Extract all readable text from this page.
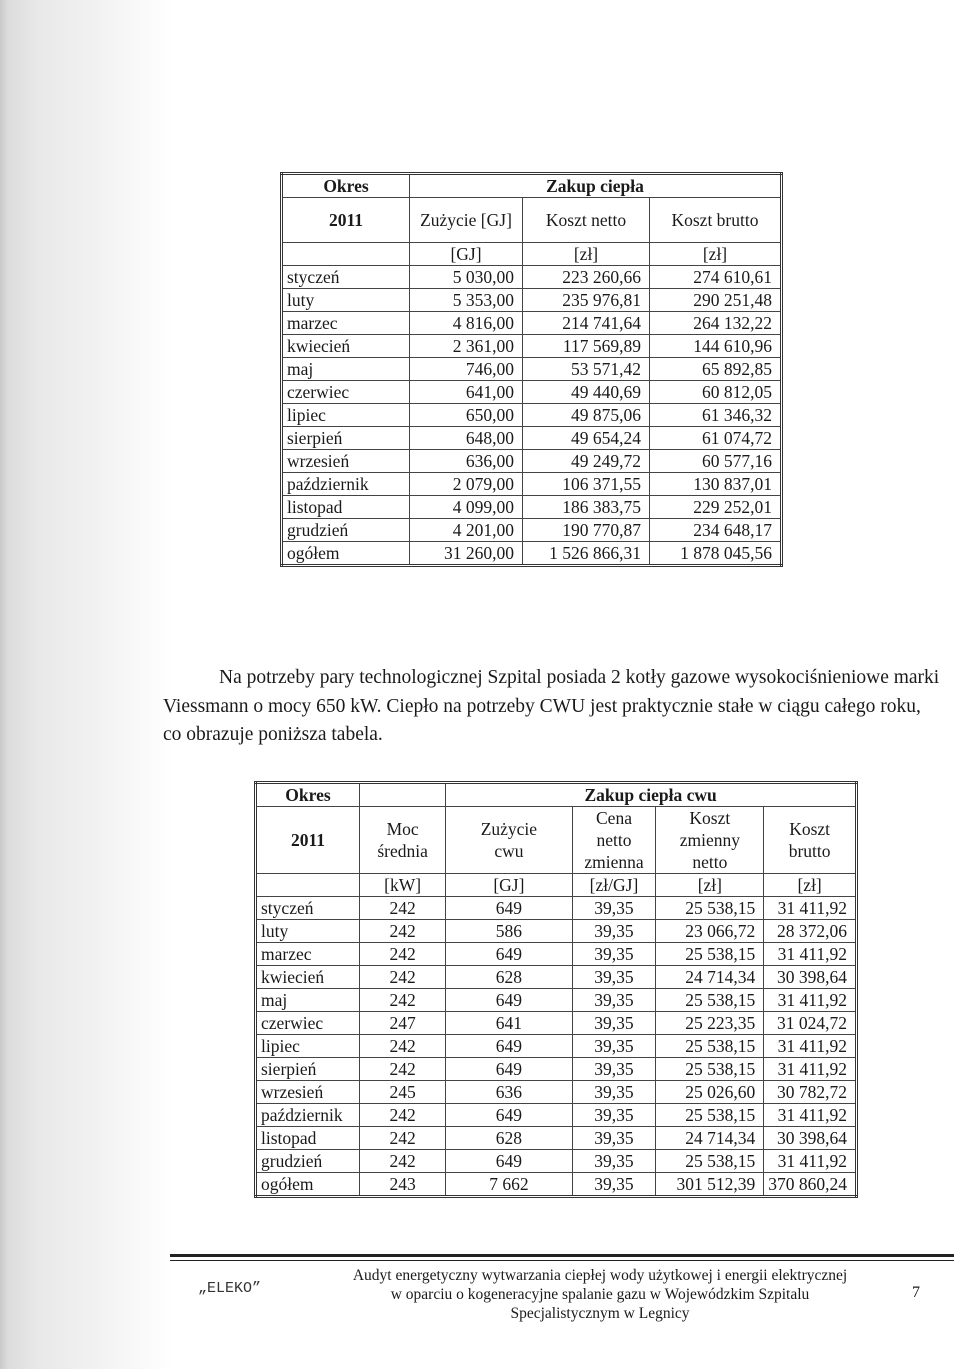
Okres	Zakup ciepła		
2011	Zużycie [GJ]	Koszt netto	Koszt brutto
	[GJ]	[zł]	[zł]
styczeń	5 030,00	223 260,66	274 610,61
luty	5 353,00	235 976,81	290 251,48
marzec	4 816,00	214 741,64	264 132,22
kwiecień	2 361,00	117 569,89	144 610,96
maj	746,00	53 571,42	65 892,85
czerwiec	641,00	49 440,69	60 812,05
lipiec	650,00	49 875,06	61 346,32
sierpień	648,00	49 654,24	61 074,72
wrzesień	636,00	49 249,72	60 577,16
październik	2 079,00	106 371,55	130 837,01
listopad	4 099,00	186 383,75	229 252,01
grudzień	4 201,00	190 770,87	234 648,17
ogółem	31 260,00	1 526 866,31	1 878 045,56

Na potrzeby pary technologicznej Szpital posiada 2 kotły gazowe wysokociśnieniowe marki

Viessmann o mocy 650 kW. Ciepło na potrzeby CWU jest praktycznie stałe w ciągu całego roku,

co obrazuje poniższa tabela.

Okres		Zakup ciepła cwu			
2011	Moc średnia	Zużycie cwu	Cena netto zmienna	Koszt zmienny netto	Koszt brutto
	[kW]	[GJ]	[zł/GJ]	[zł]	[zł]
styczeń	242	649	39,35	25 538,15	31 411,92
luty	242	586	39,35	23 066,72	28 372,06
marzec	242	649	39,35	25 538,15	31 411,92
kwiecień	242	628	39,35	24 714,34	30 398,64
maj	242	649	39,35	25 538,15	31 411,92
czerwiec	247	641	39,35	25 223,35	31 024,72
lipiec	242	649	39,35	25 538,15	31 411,92
sierpień	242	649	39,35	25 538,15	31 411,92
wrzesień	245	636	39,35	25 026,60	30 782,72
październik	242	649	39,35	25 538,15	31 411,92
listopad	242	628	39,35	24 714,34	30 398,64
grudzień	242	649	39,35	25 538,15	31 411,92
ogółem	243	7 662	39,35	301 512,39	370 860,24
„ELEKO”
Audyt energetyczny wytwarzania ciepłej wody użytkowej i energii elektrycznej
w oparciu o kogeneracyjne spalanie gazu w Wojewódzkim Szpitalu
Specjalistycznym w Legnicy
7
